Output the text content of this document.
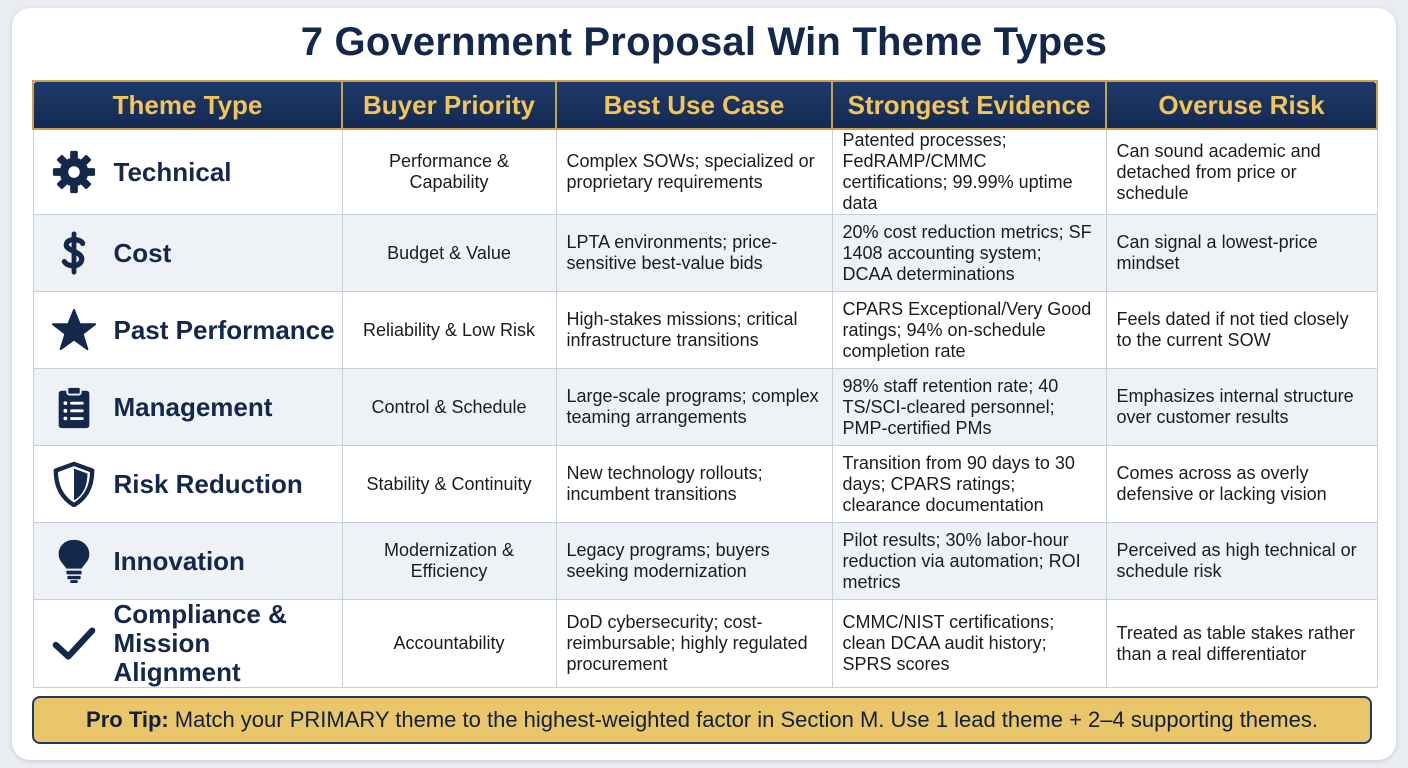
7 Government Proposal Win Theme Types
Theme Type	Buyer Priority	Best Use Case	Strongest Evidence	Overuse Risk

Technical	Performance & Capability	Complex SOWs; specialized or proprietary requirements	Patented processes; FedRAMP/CMMC certifications; 99.99% uptime data	Can sound academic and detached from price or schedule

Cost	Budget & Value	LPTA environments; price-sensitive best-value bids	20% cost reduction metrics; SF 1408 accounting system; DCAA determinations	Can signal a lowest-price mindset

Past Performance	Reliability & Low Risk	High-stakes missions; critical infrastructure transitions	CPARS Exceptional/Very Good ratings; 94% on-schedule completion rate	Feels dated if not tied closely to the current SOW

Management	Control & Schedule	Large-scale programs; complex teaming arrangements	98% staff retention rate; 40 TS/SCI-cleared personnel; PMP-certified PMs	Emphasizes internal structure over customer results

Risk Reduction	Stability & Continuity	New technology rollouts; incumbent transitions	Transition from 90 days to 30 days; CPARS ratings; clearance documentation	Comes across as overly defensive or lacking vision

Innovation	Modernization & Efficiency	Legacy programs; buyers seeking modernization	Pilot results; 30% labor-hour reduction via automation; ROI metrics	Perceived as high technical or schedule risk

Compliance & Mission Alignment	Accountability	DoD cybersecurity; cost-reimbursable; highly regulated procurement	CMMC/NIST certifications; clean DCAA audit history; SPRS scores	Treated as table stakes rather than a real differentiator
Pro Tip: Match your PRIMARY theme to the highest-weighted factor in Section M. Use 1 lead theme + 2–4 supporting themes.
